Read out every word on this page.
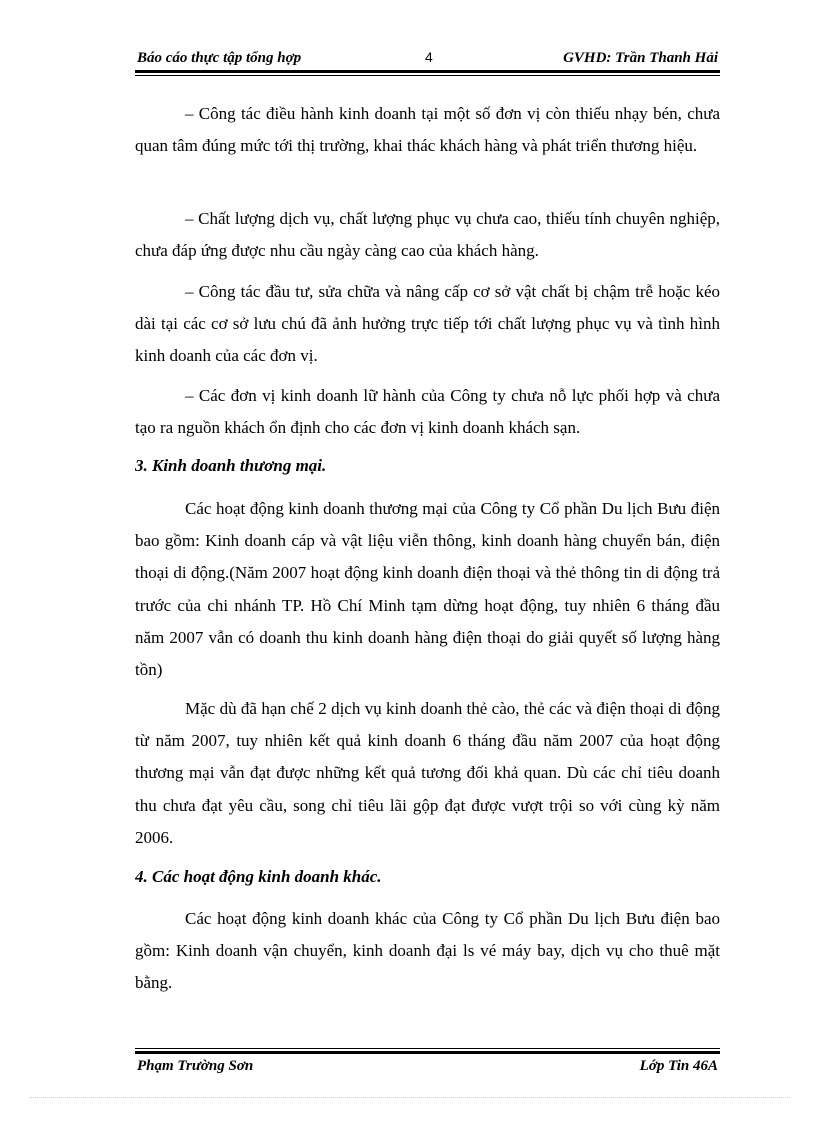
Báo cáo thực tập tổng hợp	4	GVHD: Trần Thanh Hải

– Công tác điều hành kinh doanh tại một số đơn vị còn thiếu nhạy bén, chưa quan tâm đúng mức tới thị trường, khai thác khách hàng và phát triển thương hiệu.

– Chất lượng dịch vụ, chất lượng phục vụ chưa cao, thiếu tính chuyên nghiệp, chưa đáp ứng được nhu cầu ngày càng cao của khách hàng.

– Công tác đầu tư, sửa chữa và nâng cấp cơ sở vật chất bị chậm trễ hoặc kéo dài tại các cơ sở lưu chú đã ảnh hưởng trực tiếp tới chất lượng phục vụ và tình hình kinh doanh của các đơn vị.

– Các đơn vị kinh doanh lữ hành của Công ty chưa nỗ lực phối hợp và chưa tạo ra nguồn khách ổn định cho các đơn vị kinh doanh khách sạn.

3. Kinh doanh thương mại.

Các hoạt động kinh doanh thương mại của Công ty Cổ phần Du lịch Bưu điện bao gồm: Kinh doanh cáp và vật liệu viễn thông, kinh doanh hàng chuyển bán, điện thoại di động.(Năm 2007 hoạt động kinh doanh điện thoại và thẻ thông tin di động trả trước của chi nhánh TP. Hồ Chí Minh tạm dừng hoạt động, tuy nhiên 6 tháng đầu năm 2007 vẫn có doanh thu kinh doanh hàng điện thoại do giải quyết số lượng hàng tồn)

Mặc dù đã hạn chế 2 dịch vụ kinh doanh thẻ cào, thẻ các và điện thoại di động từ năm 2007, tuy nhiên kết quả kinh doanh 6 tháng đầu năm 2007 của hoạt động thương mại vẫn đạt được những kết quả tương đối khả quan. Dù các chỉ tiêu doanh thu chưa đạt yêu cầu, song chỉ tiêu lãi gộp đạt được vượt trội so với cùng kỳ năm 2006.

4. Các hoạt động kinh doanh khác.

Các hoạt động kinh doanh khác của Công ty Cổ phần Du lịch Bưu điện bao gồm: Kinh doanh vận chuyển, kinh doanh đại ls vé máy bay, dịch vụ cho thuê mặt bằng.

Phạm Trường Sơn	Lớp Tin 46A
